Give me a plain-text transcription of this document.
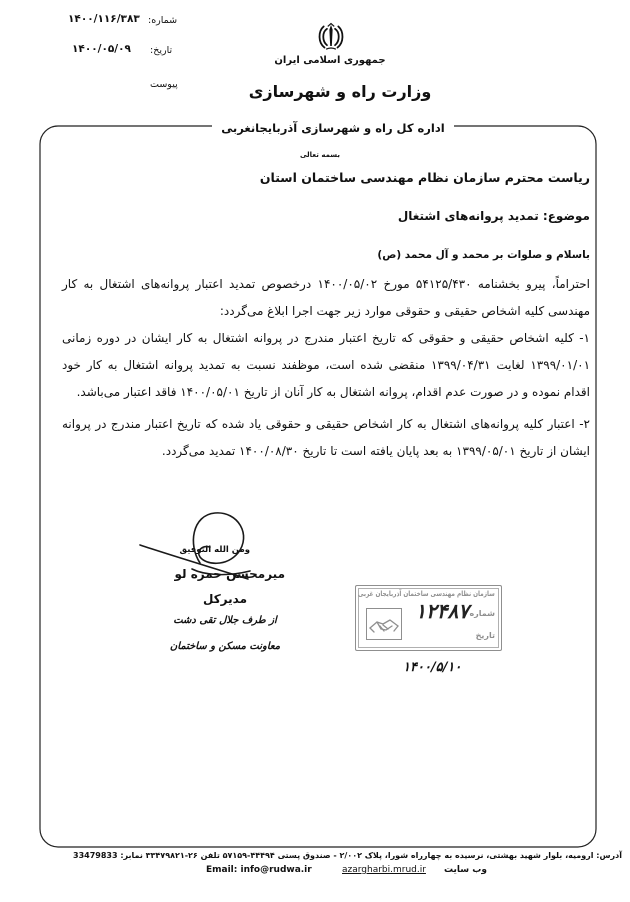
شماره:
۱۴۰۰/۱۱۶/۳۸۳
تاریخ:
۱۴۰۰/۰۵/۰۹
پیوست
جمهوری اسلامی ایران
وزارت راه و شهرسازی
اداره کل راه و شهرسازی آذربایجانغربی
بسمه تعالی
ریاست محترم سازمان نظام مهندسی ساختمان استان
موضوع: تمدید پروانه‌های اشتغال
باسلام و صلوات بر محمد و آل محمد (ص)

احتراماً، پیرو بخشنامه ۵۴۱۲۵/۴۳۰ مورخ ۱۴۰۰/۰۵/۰۲ درخصوص تمدید اعتبار پروانه‌های اشتغال به کار مهندسی کلیه اشخاص حقیقی و حقوقی موارد زیر جهت اجرا ابلاغ می‌گردد:

۱- کلیه اشخاص حقیقی و حقوقی که تاریخ اعتبار مندرج در پروانه اشتغال به کار ایشان در دوره زمانی ۱۳۹۹/۰۱/۰۱ لغایت ۱۳۹۹/۰۴/۳۱ منقضی شده است، موظفند نسبت به تمدید پروانه اشتغال به کار خود اقدام نموده و در صورت عدم اقدام، پروانه اشتغال به کار آنان از تاریخ ۱۴۰۰/۰۵/۰۱ فاقد اعتبار می‌باشد.

۲- اعتبار کلیه پروانه‌های اشتغال به کار اشخاص حقیقی و حقوقی یاد شده که تاریخ اعتبار مندرج در پروانه ایشان از تاریخ ۱۳۹۹/۰۵/۰۱ به بعد پایان یافته است تا تاریخ ۱۴۰۰/۰۸/۳۰ تمدید می‌گردد.

ومن الله التوفیق
میرمحسن حمزه لو
مدیرکل
از طرف جلال تقی دشت
معاونت مسکن و ساختمان
سازمان نظام مهندسی ساختمان آذربایجان غربی
شماره
۱۲۴۸۷
تاریخ
۱۴۰۰/۵/۱۰
آدرس: ارومیه، بلوار شهید بهشتی، نرسیده به چهارراه شورا، پلاک ۲/۰۰۲ - صندوق پستی ۴۴۴۹۴-۵۷۱۵۹ تلفن ۲۶-۳۳۴۷۹۸۲۱ نمابر: 33479833
وب سایت
azargharbi.mrud.ir
Email: info@rudwa.ir
